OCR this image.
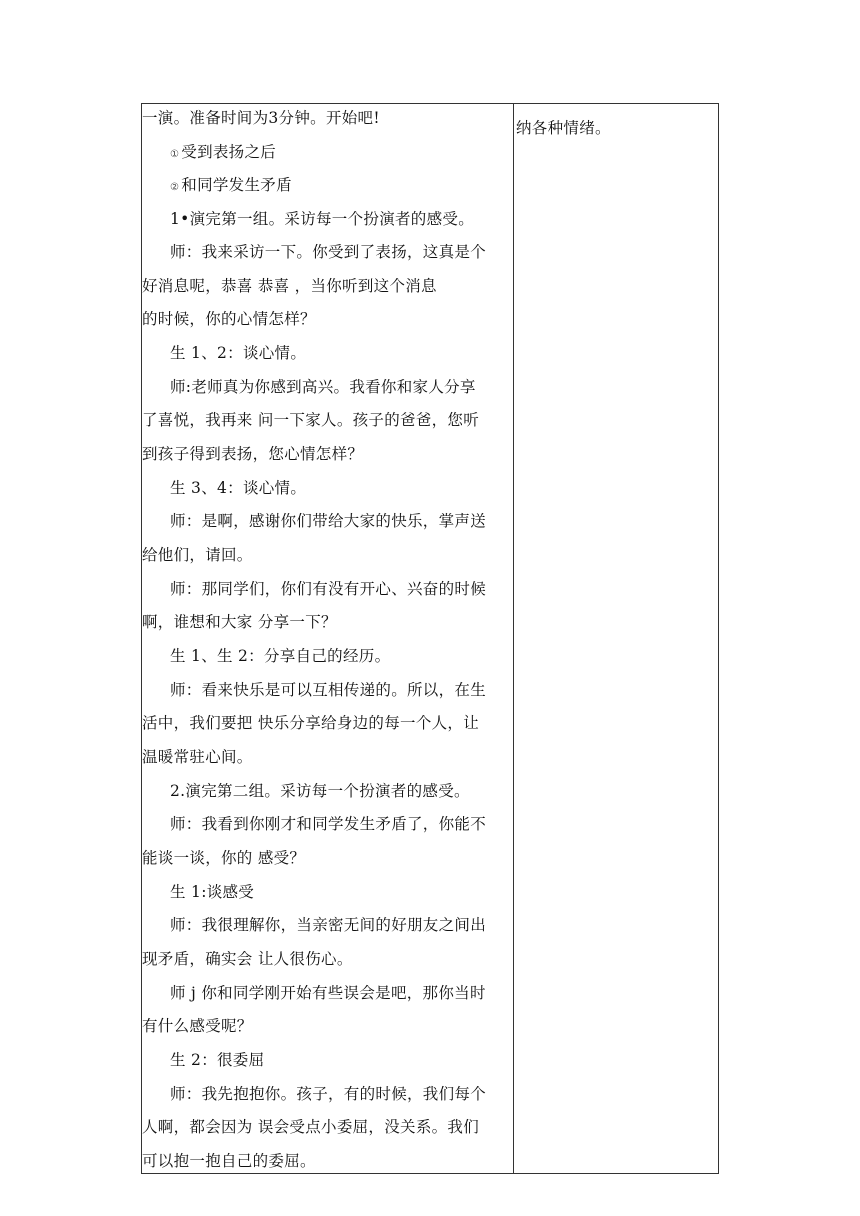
一演。准备时间为3分钟。开始吧!
① 受到表扬之后
② 和同学发生矛盾
1•演完第一组。采访每一个扮演者的感受。
师：我来采访一下。你受到了表扬，这真是个
好消息呢，恭喜 恭喜 ，当你听到这个消息
的时候，你的心情怎样？
生 1、2：谈心情。
师:老师真为你感到高兴。我看你和家人分享
了喜悦，我再来 问一下家人。孩子的爸爸，您听
到孩子得到表扬，您心情怎样？
生 3、4：谈心情。
师：是啊，感谢你们带给大家的快乐，掌声送
给他们，请回。
师：那同学们，你们有没有开心、兴奋的时候
啊，谁想和大家 分享一下？
生 1、生 2：分享自己的经历。
师：看来快乐是可以互相传递的。所以，在生
活中，我们要把 快乐分享给身边的每一个人，让
温暖常驻心间。
2.演完第二组。采访每一个扮演者的感受。
师：我看到你刚才和同学发生矛盾了，你能不
能谈一谈，你的 感受？
生 1:谈感受
师：我很理解你，当亲密无间的好朋友之间出
现矛盾，确实会 让人很伤心。
师 j 你和同学刚开始有些误会是吧，那你当时
有什么感受呢？
生 2：很委屈
师：我先抱抱你。孩子，有的时候，我们每个
人啊，都会因为 误会受点小委屈，没关系。我们
可以抱一抱自己的委屈。
纳各种情绪。
